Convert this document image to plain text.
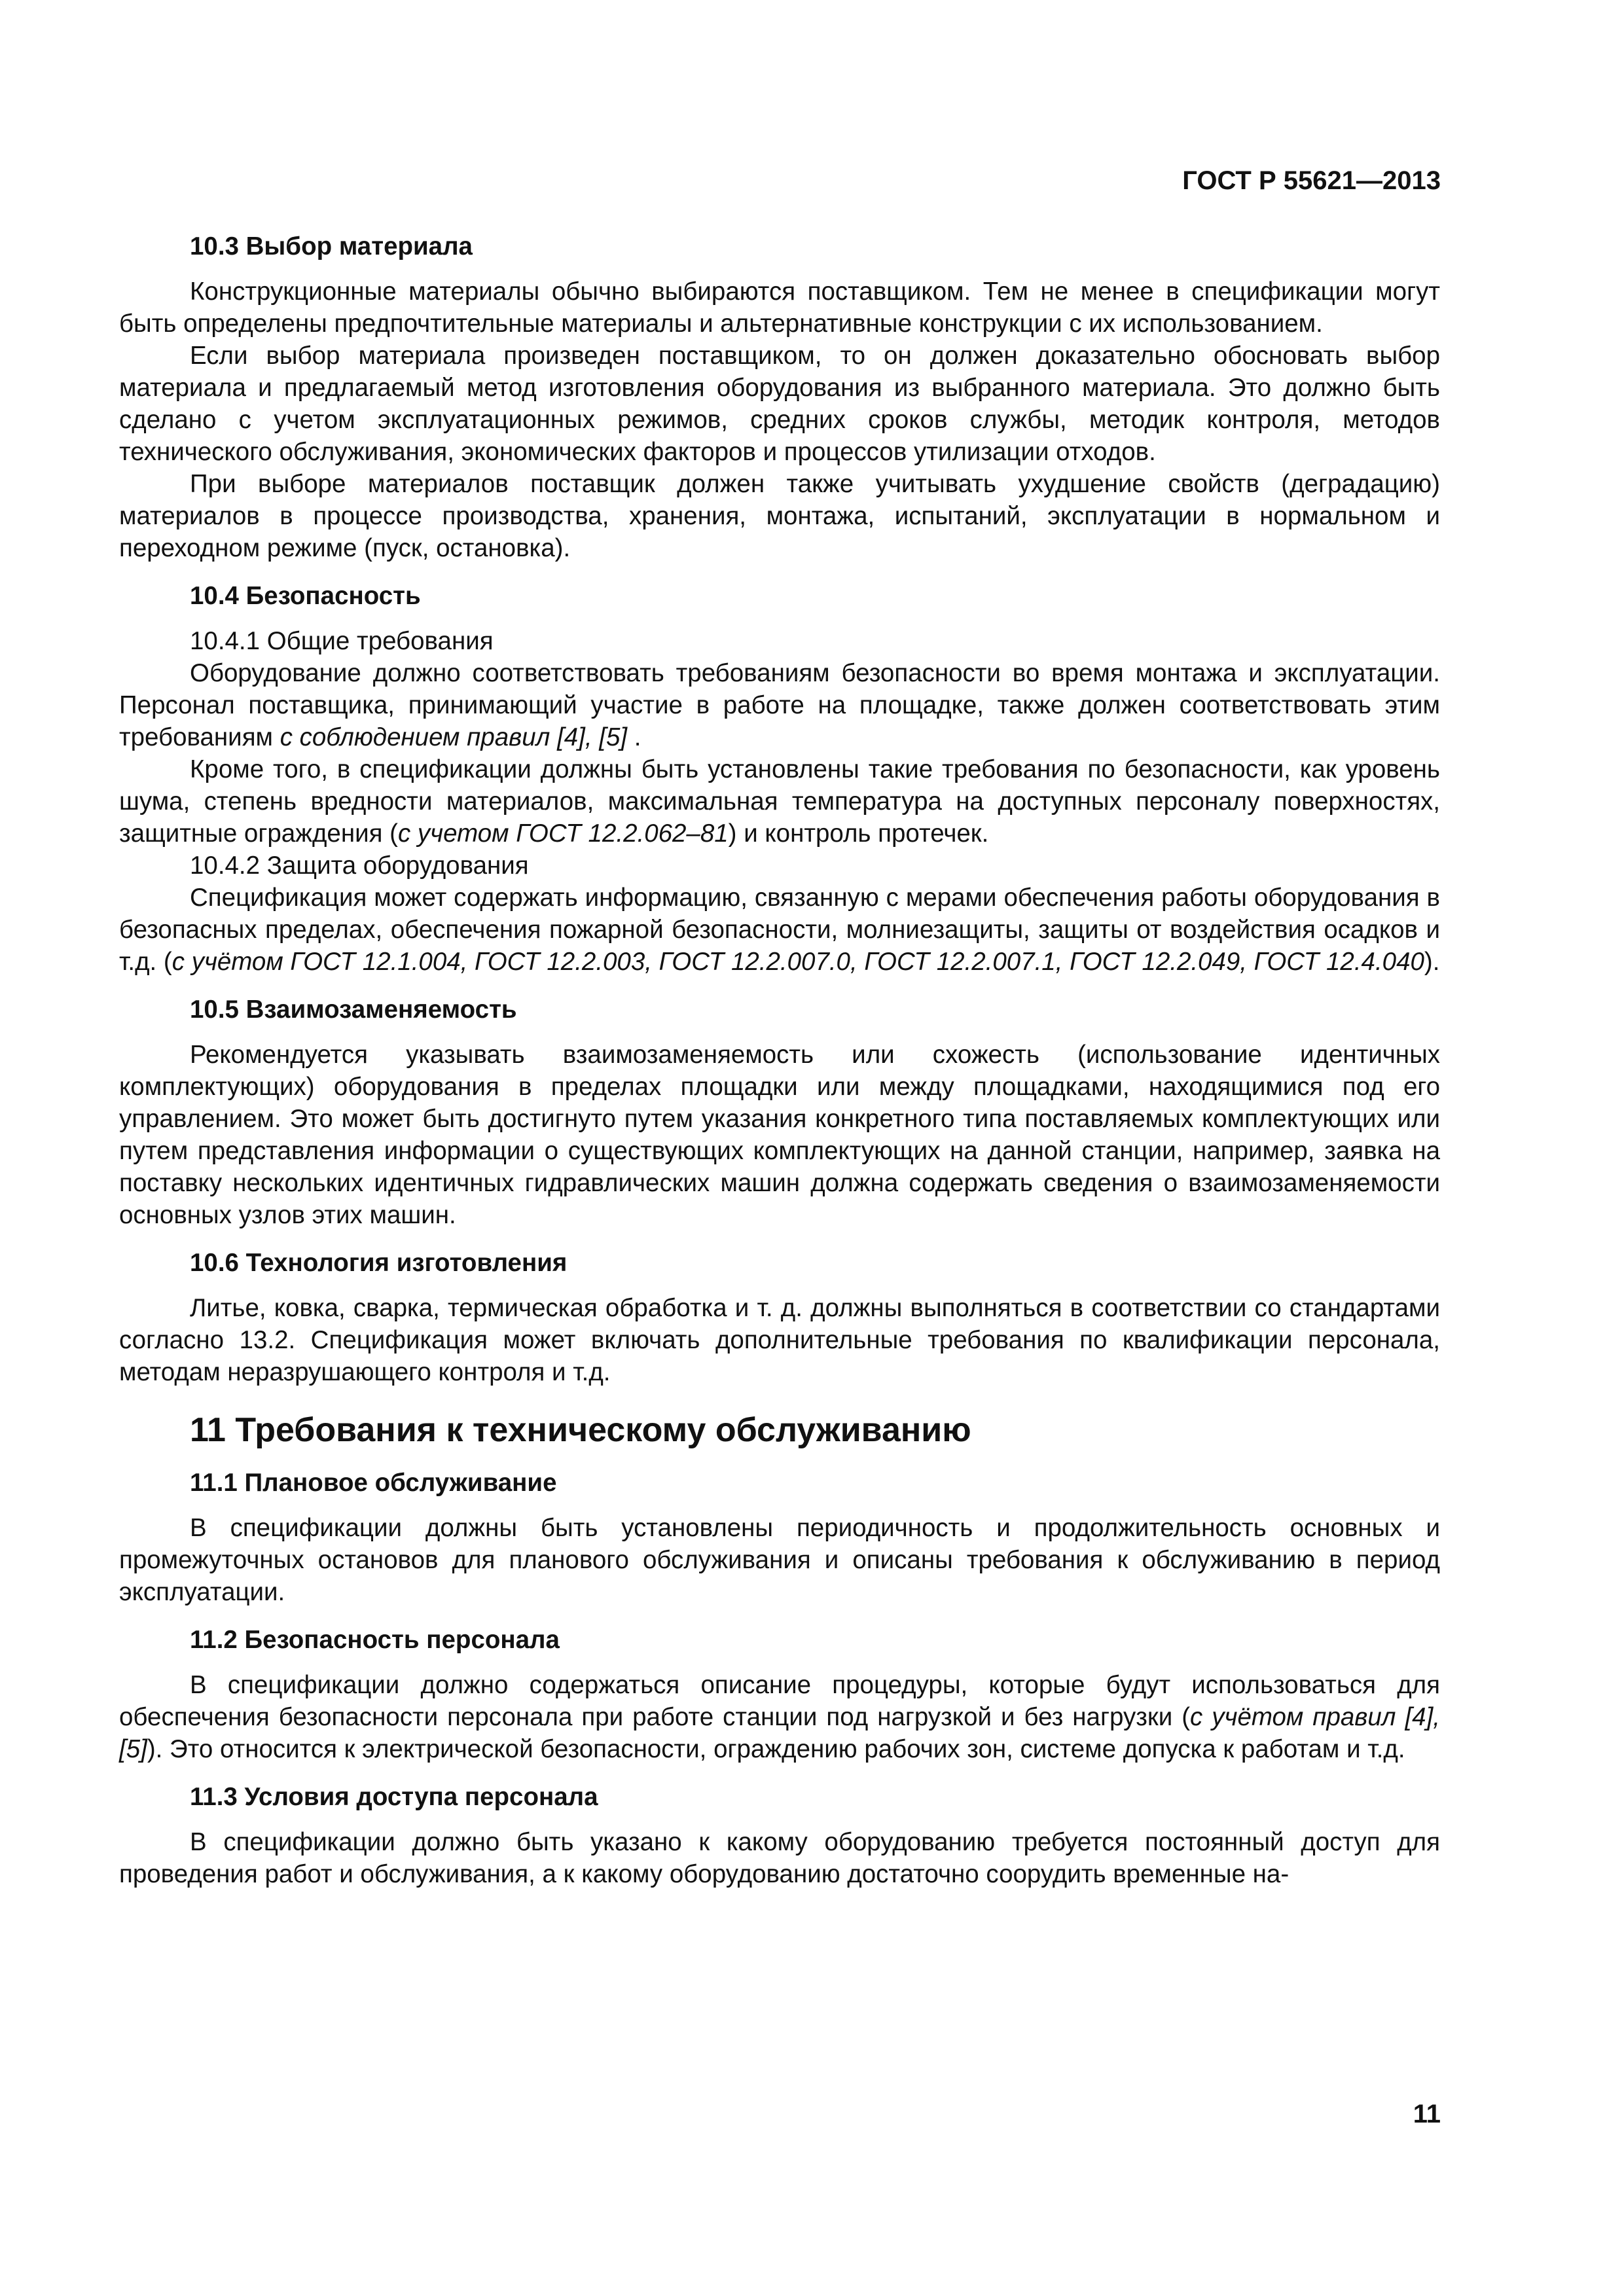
ГОСТ Р 55621—2013
10.3 Выбор материала

Конструкционные материалы обычно выбираются поставщиком. Тем не менее в спецификации могут быть определены предпочтительные материалы и альтернативные конструкции с их использованием.

Если выбор материала произведен поставщиком, то он должен доказательно обосновать выбор материала и предлагаемый метод изготовления оборудования из выбранного материала. Это должно быть сделано с учетом эксплуатационных режимов, средних сроков службы, методик контроля, методов технического обслуживания, экономических факторов и процессов утилизации отходов.

При выборе материалов поставщик должен также учитывать ухудшение свойств (деградацию) материалов в процессе производства, хранения, монтажа, испытаний, эксплуатации в нормальном и переходном режиме (пуск, остановка).

10.4 Безопасность
10.4.1 Общие требования

Оборудование должно соответствовать требованиям безопасности во время монтажа и эксплуатации. Персонал поставщика, принимающий участие в работе на площадке, также должен соответствовать этим требованиям с соблюдением правил [4], [5] .

Кроме того, в спецификации должны быть установлены такие требования по безопасности, как уровень шума, степень вредности материалов, максимальная температура на доступных персоналу поверхностях, защитные ограждения (с учетом ГОСТ 12.2.062–81) и контроль протечек.

10.4.2 Защита оборудования

Спецификация может содержать информацию, связанную с мерами обеспечения работы оборудования в безопасных пределах, обеспечения пожарной безопасности, молниезащиты, защиты от воздействия осадков и т.д. (с учётом ГОСТ 12.1.004, ГОСТ 12.2.003, ГОСТ 12.2.007.0, ГОСТ 12.2.007.1, ГОСТ 12.2.049, ГОСТ 12.4.040).

10.5 Взаимозаменяемость

Рекомендуется указывать взаимозаменяемость или схожесть (использование идентичных комплектующих) оборудования в пределах площадки или между площадками, находящимися под его управлением. Это может быть достигнуто путем указания конкретного типа поставляемых комплектующих или путем представления информации о существующих комплектующих на данной станции, например, заявка на поставку нескольких идентичных гидравлических машин должна содержать сведения о взаимозаменяемости основных узлов этих машин.

10.6 Технология изготовления

Литье, ковка, сварка, термическая обработка и т. д. должны выполняться в соответствии со стандартами согласно 13.2. Спецификация может включать дополнительные требования по квалификации персонала, методам неразрушающего контроля и т.д.

11 Требования к техническому обслуживанию
11.1 Плановое обслуживание

В спецификации должны быть установлены периодичность и продолжительность основных и промежуточных остановов для планового обслуживания и описаны требования к обслуживанию в период эксплуатации.

11.2 Безопасность персонала

В спецификации должно содержаться описание процедуры, которые будут использоваться для обеспечения безопасности персонала при работе станции под нагрузкой и без нагрузки (с учётом правил [4], [5]). Это относится к электрической безопасности, ограждению рабочих зон, системе допуска к работам и т.д.

11.3 Условия доступа персонала

В спецификации должно быть указано к какому оборудованию требуется постоянный доступ для проведения работ и обслуживания, а к какому оборудованию достаточно соорудить временные на-

11
